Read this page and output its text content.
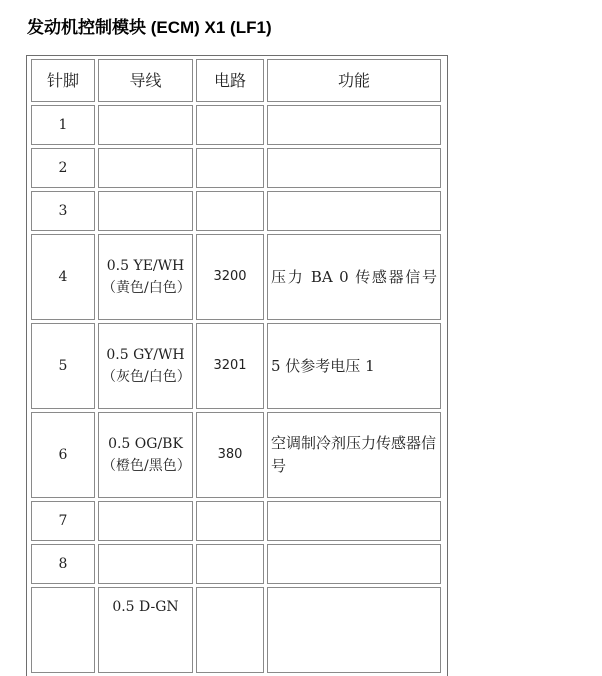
发动机控制模块 (ECM) X1 (LF1)
针脚	导线	电路	功能
1			
2			
3			
4	0.5 YE/WH（黄色/白色）	3200	压力 BA 0 传感器信号
5	0.5 GY/WH（灰色/白色）	3201	5 伏参考电压 1
6	0.5 OG/BK（橙色/黑色）	380	空调制冷剂压力传感器信号
7			
8			
	0.5 D-GN		
